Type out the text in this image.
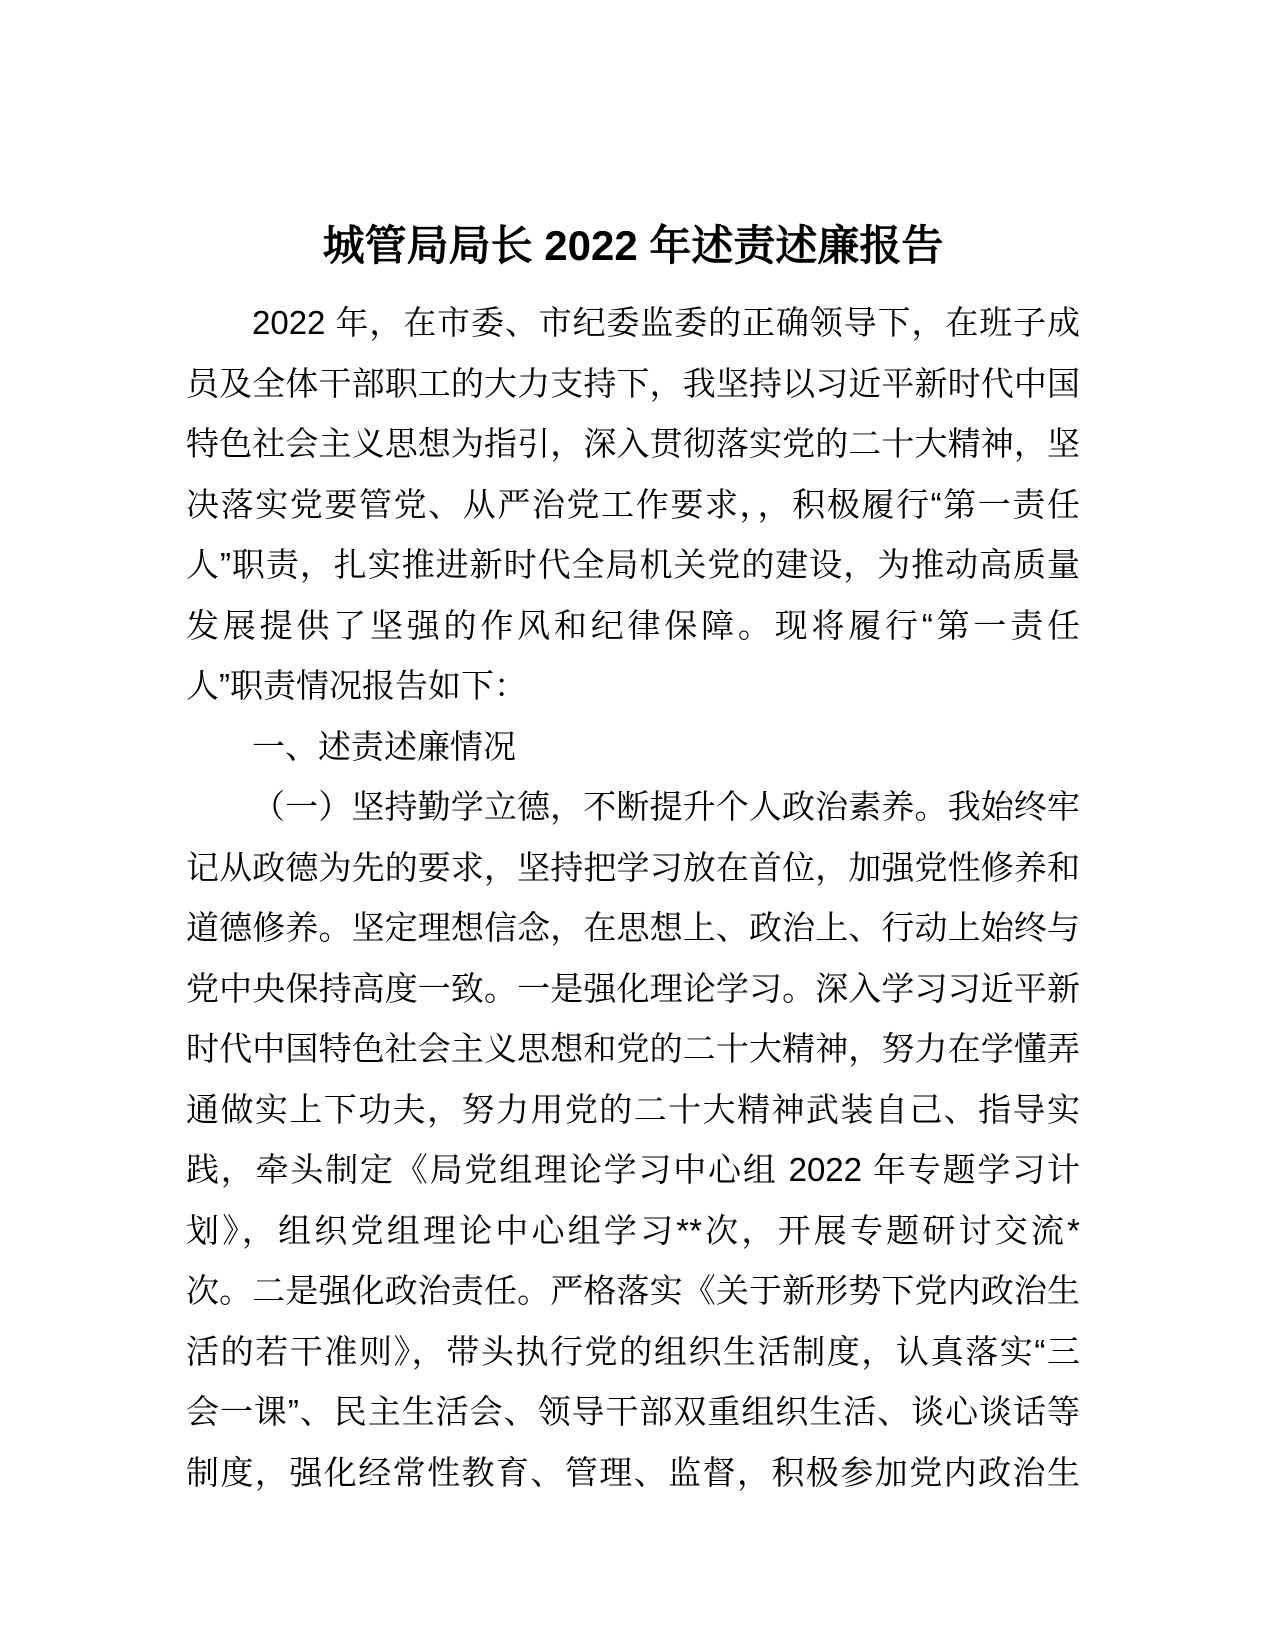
城管局局长 2022 年述责述廉报告
2022 年，在市委、市纪委监委的正确领导下，在班子成
员及全体干部职工的大力支持下，我坚持以习近平新时代中国
特色社会主义思想为指引，深入贯彻落实党的二十大精神，坚
决落实党要管党、从严治党工作要求，，积极履行“第一责任
人”职责，扎实推进新时代全局机关党的建设，为推动高质量
发展提供了坚强的作风和纪律保障。现将履行“第一责任
人”职责情况报告如下：
一、述责述廉情况
（一）坚持勤学立德，不断提升个人政治素养。我始终牢
记从政德为先的要求，坚持把学习放在首位，加强党性修养和
道德修养。坚定理想信念，在思想上、政治上、行动上始终与
党中央保持高度一致。一是强化理论学习。深入学习习近平新
时代中国特色社会主义思想和党的二十大精神，努力在学懂弄
通做实上下功夫，努力用党的二十大精神武装自己、指导实
践，牵头制定《局党组理论学习中心组 2022 年专题学习计
划》，组织党组理论中心组学习**次，开展专题研讨交流*
次。二是强化政治责任。严格落实《关于新形势下党内政治生
活的若干准则》，带头执行党的组织生活制度，认真落实“三
会一课”、民主生活会、领导干部双重组织生活、谈心谈话等
制度，强化经常性教育、管理、监督，积极参加党内政治生
